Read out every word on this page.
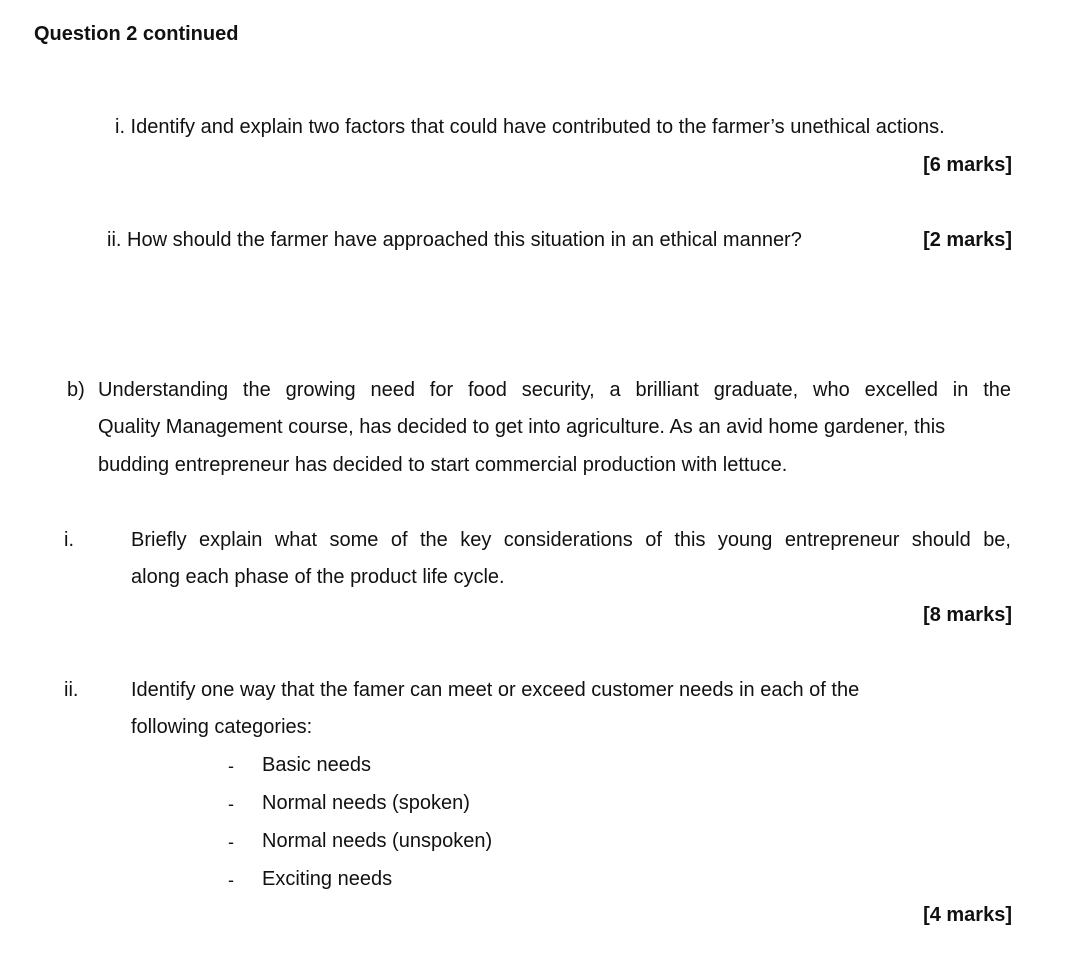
Question 2 continued
i. Identify and explain two factors that could have contributed to the farmer’s unethical actions.
[6 marks]
ii. How should the farmer have approached this situation in an ethical manner?	[2 marks]
b) Understanding the growing need for food security, a brilliant graduate, who excelled in the
Quality Management course, has decided to get into agriculture. As an avid home gardener, this
budding entrepreneur has decided to start commercial production with lettuce.
i.	Briefly explain what some of the key considerations of this young entrepreneur should be,
along each phase of the product life cycle.
[8 marks]
ii.	Identify one way that the famer can meet or exceed customer needs in each of the
following categories:
- Basic needs
- Normal needs (spoken)
- Normal needs (unspoken)
- Exciting needs
[4 marks]
